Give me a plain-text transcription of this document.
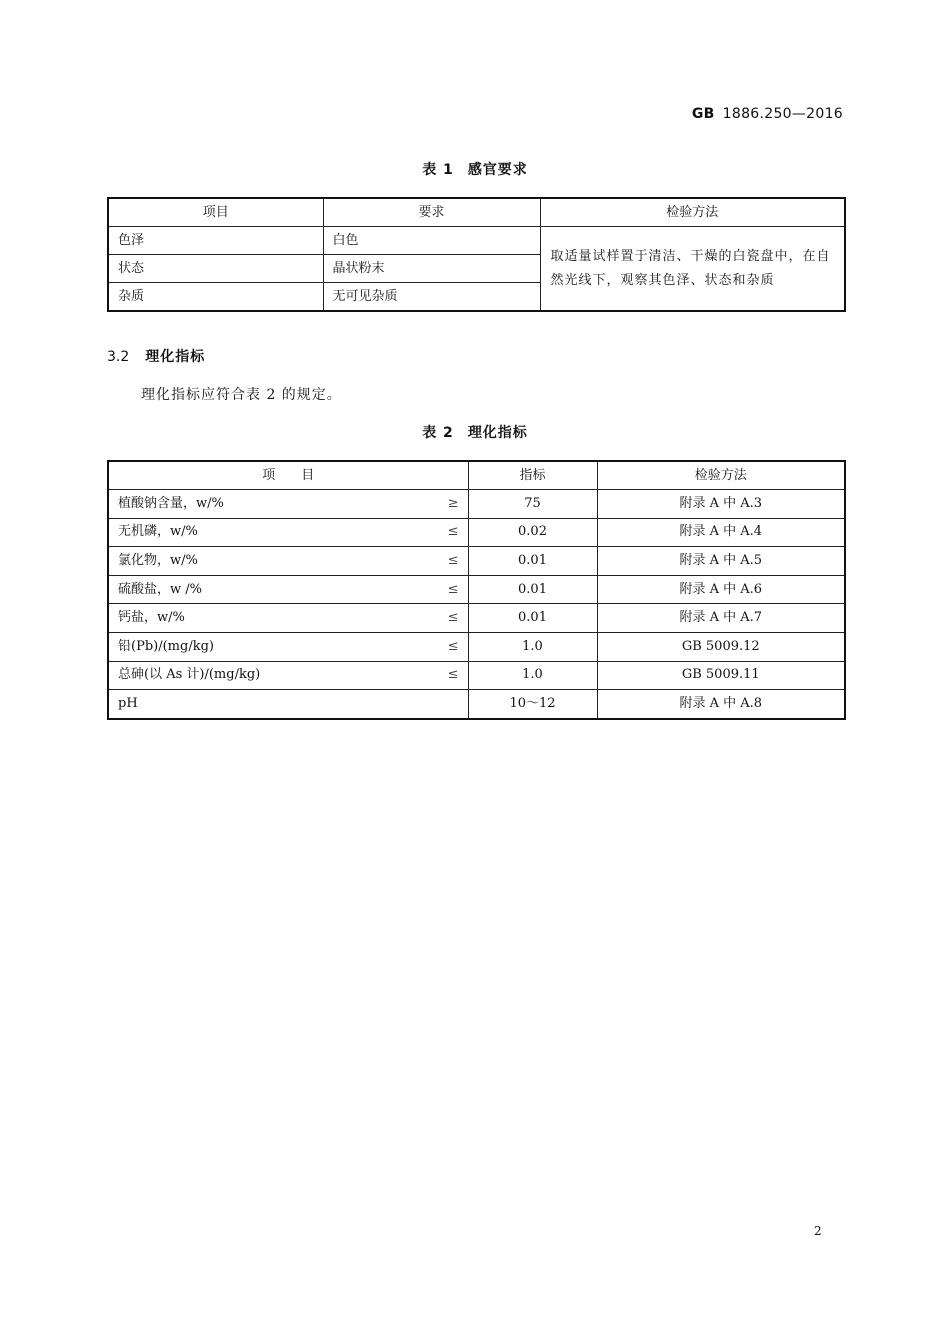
GB 1886.250—2016
表 1 感官要求
项目	要求	检验方法
色泽	白色	取适量试样置于清洁、干燥的白瓷盘中，在自然光线下，观察其色泽、状态和杂质
状态	晶状粉末	
杂质	无可见杂质	
3.2 理化指标
理化指标应符合表 2 的规定。
表 2 理化指标
项　　目	指标	检验方法

植酸钠含量，w/% ≥	75	附录 A 中 A.3

无机磷，w/% ≤	0.02	附录 A 中 A.4

氯化物，w/% ≤	0.01	附录 A 中 A.5

硫酸盐，w /% ≤	0.01	附录 A 中 A.6

钙盐，w/% ≤	0.01	附录 A 中 A.7

铅(Pb)/(mg/kg) ≤	1.0	GB 5009.12

总砷(以 As 计)/(mg/kg) ≤	1.0	GB 5009.11

pH	10～12	附录 A 中 A.8
2
